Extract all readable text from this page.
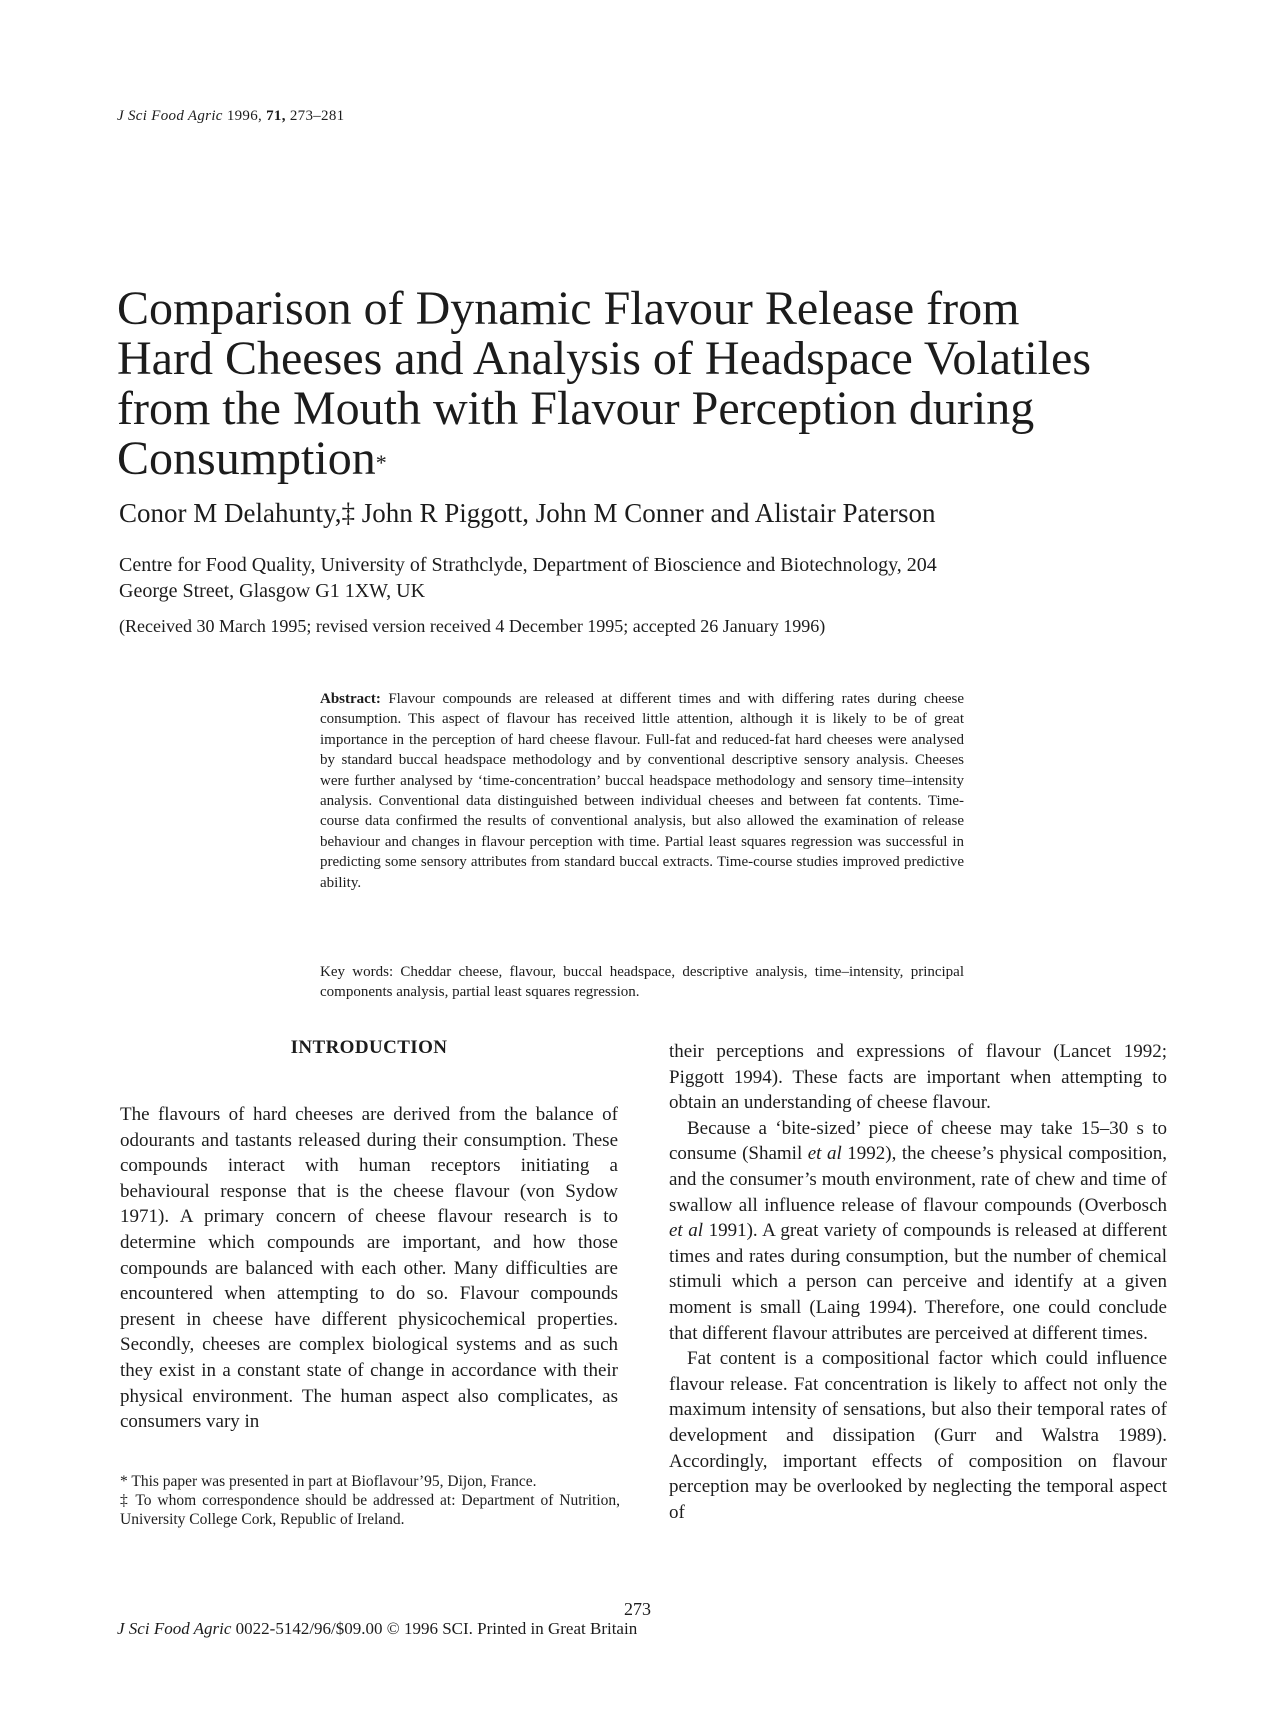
J Sci Food Agric 1996, 71, 273–281
Comparison of Dynamic Flavour Release from
Hard Cheeses and Analysis of Headspace Volatiles
from the Mouth with Flavour Perception during
Consumption*
Conor M Delahunty,‡ John R Piggott, John M Conner and Alistair Paterson
Centre for Food Quality, University of Strathclyde, Department of Bioscience and Biotechnology, 204
George Street, Glasgow G1 1XW, UK
(Received 30 March 1995; revised version received 4 December 1995; accepted 26 January 1996)
Abstract: Flavour compounds are released at different times and with differing rates during cheese consumption. This aspect of flavour has received little attention, although it is likely to be of great importance in the perception of hard cheese flavour. Full-fat and reduced-fat hard cheeses were analysed by standard buccal headspace methodology and by conventional descriptive sensory analysis. Cheeses were further analysed by ‘time-concentration’ buccal headspace methodology and sensory time–intensity analysis. Conventional data distinguished between individual cheeses and between fat contents. Time-course data confirmed the results of conventional analysis, but also allowed the examination of release behaviour and changes in flavour perception with time. Partial least squares regression was successful in predicting some sensory attributes from standard buccal extracts. Time-course studies improved predictive ability.
Key words: Cheddar cheese, flavour, buccal headspace, descriptive analysis, time–intensity, principal components analysis, partial least squares regression.
INTRODUCTION

The flavours of hard cheeses are derived from the balance of odourants and tastants released during their consumption. These compounds interact with human receptors initiating a behavioural response that is the cheese flavour (von Sydow 1971). A primary concern of cheese flavour research is to determine which compounds are important, and how those compounds are balanced with each other. Many difficulties are encountered when attempting to do so. Flavour compounds present in cheese have different physicochemical properties. Secondly, cheeses are complex biological systems and as such they exist in a constant state of change in accordance with their physical environment. The human aspect also complicates, as consumers vary in

their perceptions and expressions of flavour (Lancet 1992; Piggott 1994). These facts are important when attempting to obtain an understanding of cheese flavour.

Because a ‘bite-sized’ piece of cheese may take 15–30 s to consume (Shamil et al 1992), the cheese’s physical composition, and the consumer’s mouth environment, rate of chew and time of swallow all influence release of flavour compounds (Overbosch et al 1991). A great variety of compounds is released at different times and rates during consumption, but the number of chemical stimuli which a person can perceive and identify at a given moment is small (Laing 1994). Therefore, one could conclude that different flavour attributes are perceived at different times.

Fat content is a compositional factor which could influence flavour release. Fat concentration is likely to affect not only the maximum intensity of sensations, but also their temporal rates of development and dissipation (Gurr and Walstra 1989). Accordingly, important effects of composition on flavour perception may be overlooked by neglecting the temporal aspect of

* This paper was presented in part at Bioflavour’95, Dijon, France.

‡ To whom correspondence should be addressed at: Department of Nutrition, University College Cork, Republic of Ireland.

273
J Sci Food Agric 0022-5142/96/$09.00 © 1996 SCI. Printed in Great Britain
